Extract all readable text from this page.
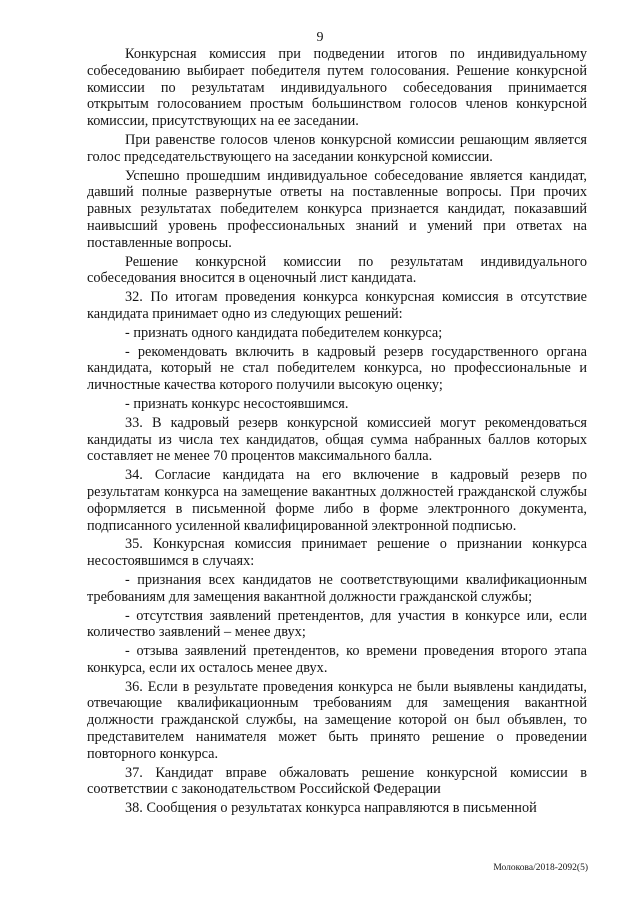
9

Конкурсная комиссия при подведении итогов по индивидуальному собеседованию выбирает победителя путем голосования. Решение конкурсной комиссии по результатам индивидуального собеседования принимается открытым голосованием простым большинством голосов членов конкурсной комиссии, присутствующих на ее заседании.

При равенстве голосов членов конкурсной комиссии решающим является голос председательствующего на заседании конкурсной комиссии.

Успешно прошедшим индивидуальное собеседование является кандидат, давший полные развернутые ответы на поставленные вопросы. При прочих равных результатах победителем конкурса признается кандидат, показавший наивысший уровень профессиональных знаний и умений при ответах на поставленные вопросы.

Решение конкурсной комиссии по результатам индивидуального собеседования вносится в оценочный лист кандидата.

32. По итогам проведения конкурса конкурсная комиссия в отсутствие кандидата принимает одно из следующих решений:

- признать одного кандидата победителем конкурса;

- рекомендовать включить в кадровый резерв государственного органа кандидата, который не стал победителем конкурса, но профессиональные и личностные качества которого получили высокую оценку;

- признать конкурс несостоявшимся.

33. В кадровый резерв конкурсной комиссией могут рекомендоваться кандидаты из числа тех кандидатов, общая сумма набранных баллов которых составляет не менее 70 процентов максимального балла.

34. Согласие кандидата на его включение в кадровый резерв по результатам конкурса на замещение вакантных должностей гражданской службы оформляется в письменной форме либо в форме электронного документа, подписанного усиленной квалифицированной электронной подписью.

35. Конкурсная комиссия принимает решение о признании конкурса несостоявшимся в случаях:

- признания всех кандидатов не соответствующими квалификационным требованиям для замещения вакантной должности гражданской службы;

- отсутствия заявлений претендентов, для участия в конкурсе или, если количество заявлений – менее двух;

- отзыва заявлений претендентов, ко времени проведения второго этапа конкурса, если их осталось менее двух.

36. Если в результате проведения конкурса не были выявлены кандидаты, отвечающие квалификационным требованиям для замещения вакантной должности гражданской службы, на замещение которой он был объявлен, то представителем нанимателя может быть принято решение о проведении повторного конкурса.

37. Кандидат вправе обжаловать решение конкурсной комиссии в соответствии с законодательством Российской Федерации

38. Сообщения о результатах конкурса направляются в письменной

Молокова/2018-2092(5)
